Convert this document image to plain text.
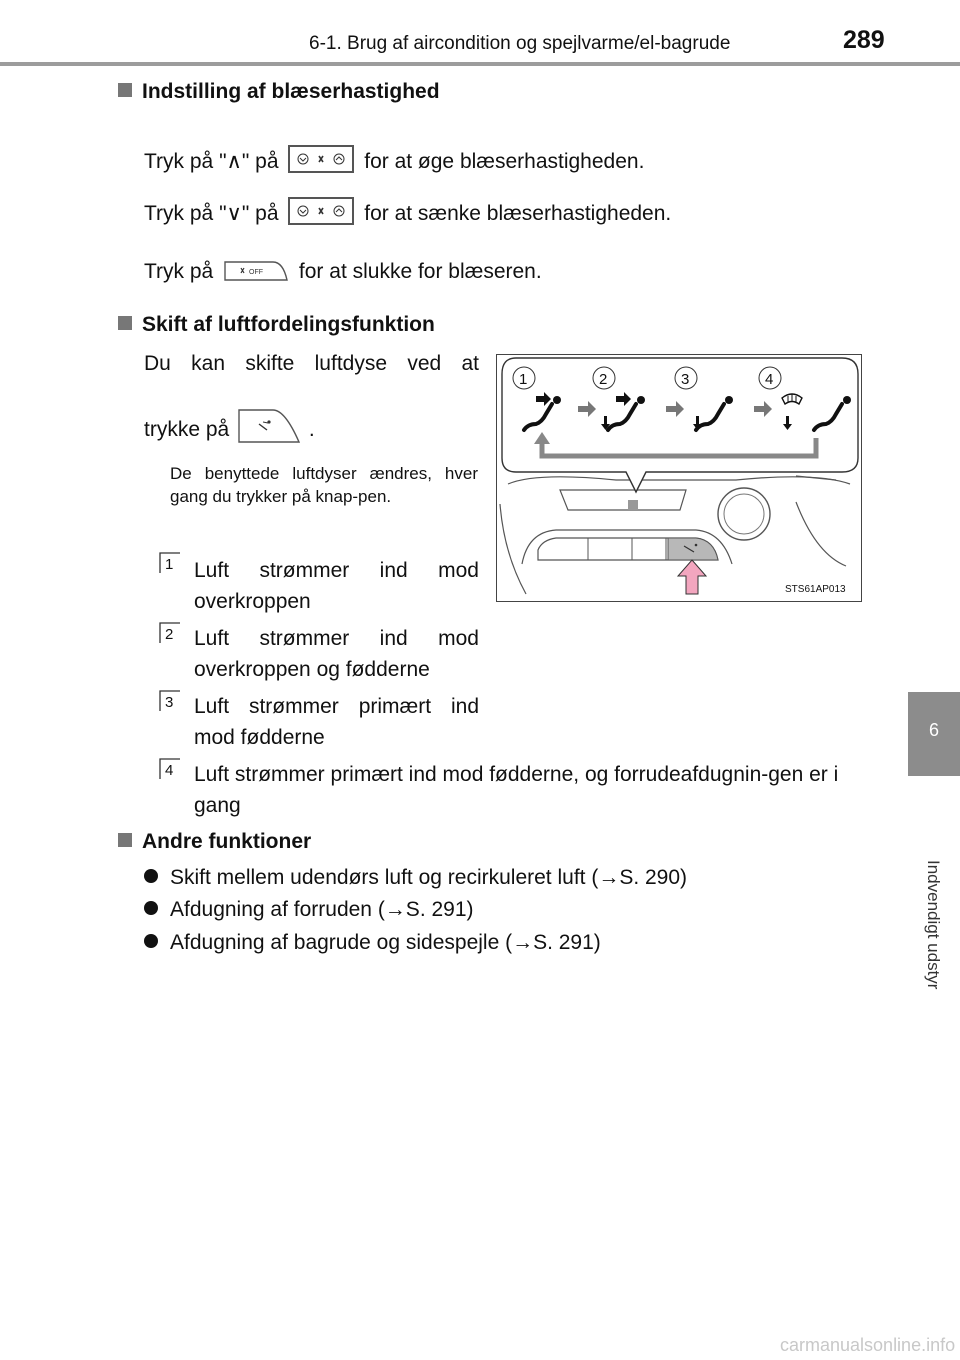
6-1. Brug af aircondition og spejlvarme/el-bagrude	289
6
Indvendigt udstyr
Indstilling af blæserhastighed
Tryk på "∧" på	for at øge blæserhastigheden.
Tryk på "∨" på	for at sænke blæserhastigheden.
Tryk på	OFF for at slukke for blæseren.
Skift af luftfordelingsfunktion
Du kan skifte luftdyse ved at
trykke på	.
De benyttede luftdyser ændres, hver gang du trykker på knap-pen.
1 Luft strømmer ind mod overkroppen
2 Luft strømmer ind mod overkroppen og fødderne
3 Luft strømmer primært ind mod fødderne
4 Luft strømmer primært ind mod fødderne, og forrudeafdugnin-gen er i gang
1	2	3	4
STS61AP013
Andre funktioner
Skift mellem udendørs luft og recirkuleret luft (→S. 290)
Afdugning af forruden (→S. 291)
Afdugning af bagrude og sidespejle (→S. 291)
carmanualsonline.info
